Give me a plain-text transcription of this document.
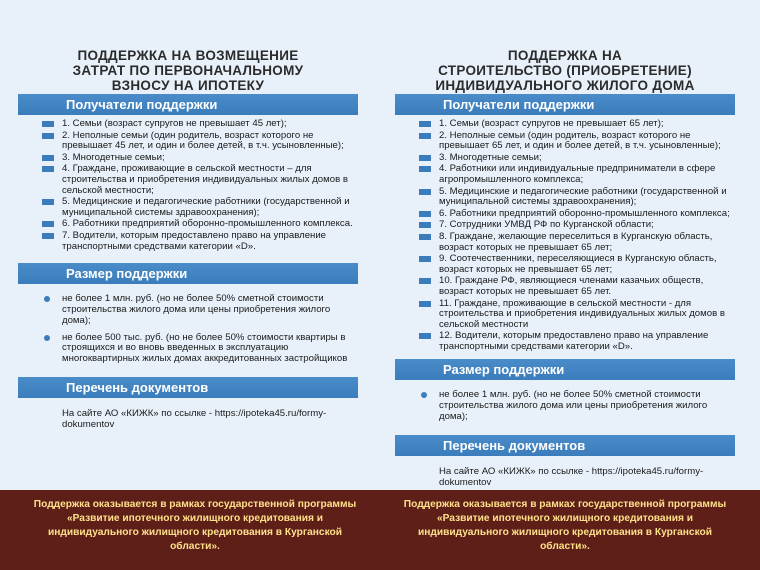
ПОДДЕРЖКА НА ВОЗМЕЩЕНИЕ
ЗАТРАТ ПО ПЕРВОНАЧАЛЬНОМУ
ВЗНОСУ НА ИПОТЕКУ
Получатели поддержки
1. Семьи (возраст супругов не превышает 45 лет);
2. Неполные семьи (один родитель, возраст которого не превышает 45 лет, и один и более детей, в т.ч. усыновленные);
3. Многодетные семьи;
4. Граждане, проживающие в сельской местности – для строительства и приобретения индивидуальных жилых домов в сельской местности;
5. Медицинские и педагогические работники (государственной и муниципальной системы здравоохранения);
6. Работники предприятий оборонно-промышленного комплекса.
7. Водители, которым предоставлено право на управление транспортными средствами категории «D».
Размер поддержки
не более 1 млн. руб. (но не более 50% сметной стоимости строительства жилого дома или цены приобретения жилого дома);
не более 500 тыс. руб. (но не более 50% стоимости квартиры в строящихся и во вновь введенных в эксплуатацию многоквартирных жилых домах аккредитованных застройщиков
Перечень документов
На сайте АО «КИЖК» по ссылке - https://ipoteka45.ru/formy-dokumentov
ПОДДЕРЖКА НА
СТРОИТЕЛЬСТВО (ПРИОБРЕТЕНИЕ)
ИНДИВИДУАЛЬНОГО ЖИЛОГО ДОМА
Получатели поддержки
1. Семьи (возраст супругов не превышает 65 лет);
2. Неполные семьи (один родитель, возраст которого не превышает 65 лет, и один и более детей, в т.ч. усыновленные);
3. Многодетные семьи;
4. Работники или индивидуальные предприниматели в сфере агропромышленного комплекса;
5. Медицинские и педагогические работники (государственной и муниципальной системы здравоохранения);
6. Работники предприятий оборонно-промышленного комплекса;
7. Сотрудники УМВД РФ по Курганской области;
8. Граждане, желающие переселиться в Курганскую область, возраст которых не превышает 65 лет;
9. Соотечественники, переселяющиеся в Курганскую область, возраст которых не превышает 65 лет;
10. Граждане РФ, являющиеся членами казачьих обществ, возраст которых не превышает 65 лет.
11. Граждане, проживающие в сельской местности - для строительства и приобретения индивидуальных жилых домов в сельской местности
12. Водители, которым предоставлено право на управление транспортными средствами категории «D».
Размер поддержки
не более 1 млн. руб. (но не более 50% сметной стоимости строительства жилого дома или цены приобретения жилого дома);
Перечень документов
На сайте АО «КИЖК» по ссылке - https://ipoteka45.ru/formy-dokumentov
Поддержка оказывается в рамках государственной программы «Развитие ипотечного жилищного кредитования и индивидуального жилищного кредитования в Курганской области».
Поддержка оказывается в рамках государственной программы «Развитие ипотечного жилищного кредитования и индивидуального жилищного кредитования в Курганской области».
